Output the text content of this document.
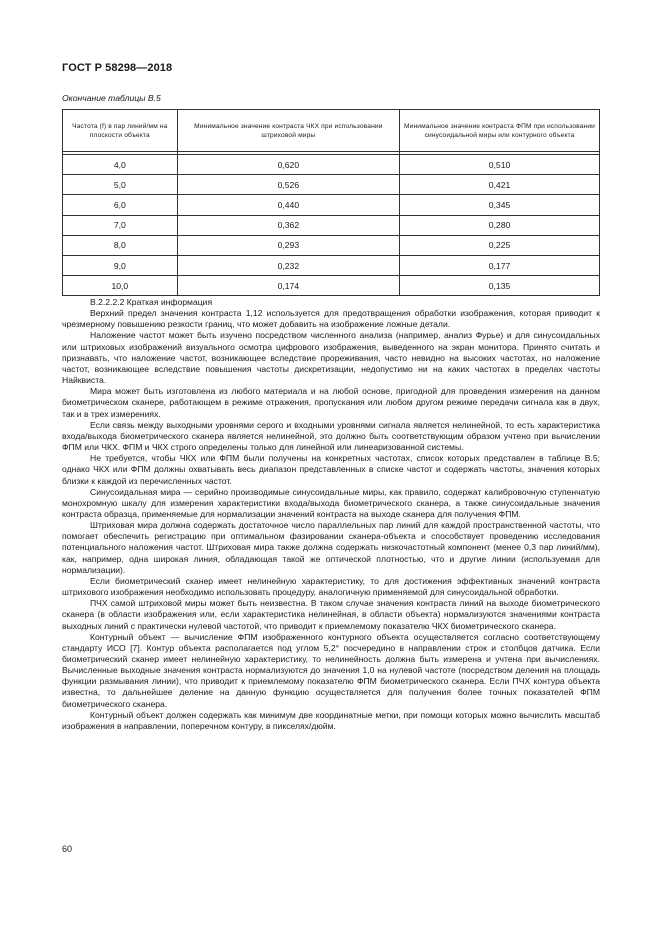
ГОСТ Р 58298—2018
Окончание таблицы В.5
Частота (f) в пар линий/мм на плоскости объекта	Минимальное значение контраста ЧКХ при использовании штриховой миры	Минимальное значение контраста ФПМ при использовании синусоидальной миры или контурного объекта

4,0	0,620	0,510
5,0	0,526	0,421
6,0	0,440	0,345
7,0	0,362	0,280
8,0	0,293	0,225
9,0	0,232	0,177
10,0	0,174	0,135

В.2.2.2.2 Краткая информация

Верхний предел значения контраста 1,12 используется для предотвращения обработки изображения, которая приводит к чрезмерному повышению резкости границ, что может добавить на изображение ложные детали.

Наложение частот может быть изучено посредством численного анализа (например, анализ Фурье) и для синусоидальных или штриховых изображений визуального осмотра цифрового изображения, выведенного на экран монитора. Принято считать и признавать, что наложение частот, возникающее вследствие прореживания, часто невидно на высоких частотах, но наложение частот, возникающее вследствие повышения частоты дискретизации, недопустимо ни на каких частотах в пределах частоты Найквиста.

Мира может быть изготовлена из любого материала и на любой основе, пригодной для проведения измерения на данном биометрическом сканере, работающем в режиме отражения, пропускания или любом другом режиме передачи сигнала как в двух, так и в трех измерениях.

Если связь между выходными уровнями серого и входными уровнями сигнала является нелинейной, то есть характеристика входа/выхода биометрического сканера является нелинейной, это должно быть соответствующим образом учтено при вычислении ФПМ или ЧКХ. ФПМ и ЧКХ строго определены только для линейной или линеаризованной системы.

Не требуется, чтобы ЧКХ или ФПМ были получены на конкретных частотах, список которых представлен в таблице В.5; однако ЧКХ или ФПМ должны охватывать весь диапазон представленных в списке частот и содержать частоты, значения которых близки к каждой из перечисленных частот.

Синусоидальная мира — серийно производимые синусоидальные миры, как правило, содержат калибровочную ступенчатую монохромную шкалу для измерения характеристики входа/выхода биометрического сканера, а также синусоидальные значения контраста образца, применяемые для нормализации значений контраста на выходе сканера для получения ФПМ.

Штриховая мира должна содержать достаточное число параллельных пар линий для каждой пространственной частоты, что помогает обеспечить регистрацию при оптимальном фазировании сканера-объекта и способствует проведению исследования потенциального наложения частот. Штриховая мира также должна содержать низкочастотный компонент (менее 0,3 пар линий/мм), как, например, одна широкая линия, обладающая такой же оптической плотностью, что и другие линии (используемая для нормализации).

Если биометрический сканер имеет нелинейную характеристику, то для достижения эффективных значений контраста штрихового изображения необходимо использовать процедуру, аналогичную применяемой для синусоидальной обработки.

ПЧХ самой штриховой миры может быть неизвестна. В таком случае значения контраста линий на выходе биометрического сканера (в области изображения или, если характеристика нелинейная, в области объекта) нормализуются значениями контраста выходных линий с практически нулевой частотой, что приводит к приемлемому показателю ЧКХ биометрического сканера.

Контурный объект — вычисление ФПМ изображенного контурного объекта осуществляется согласно соответствующему стандарту ИСО [7]. Контур объекта располагается под углом 5,2° посчередино в направлении строк и столбцов датчика. Если биометрический сканер имеет нелинейную характеристику, то нелинейность должна быть измерена и учтена при вычислениях. Вычисленные выходные значения контраста нормализуются до значения 1,0 на нулевой частоте (посредством деления на площадь функции размывания линии), что приводит к приемлемому показателю ФПМ биометрического сканера. Если ПЧХ контура объекта известна, то дальнейшее деление на данную функцию осуществляется для получения более точных показателей ФПМ биометрического сканера.

Контурный объект должен содержать как минимум две координатные метки, при помощи которых можно вычислить масштаб изображения в направлении, поперечном контуру, в пикселях/дюйм.

60
